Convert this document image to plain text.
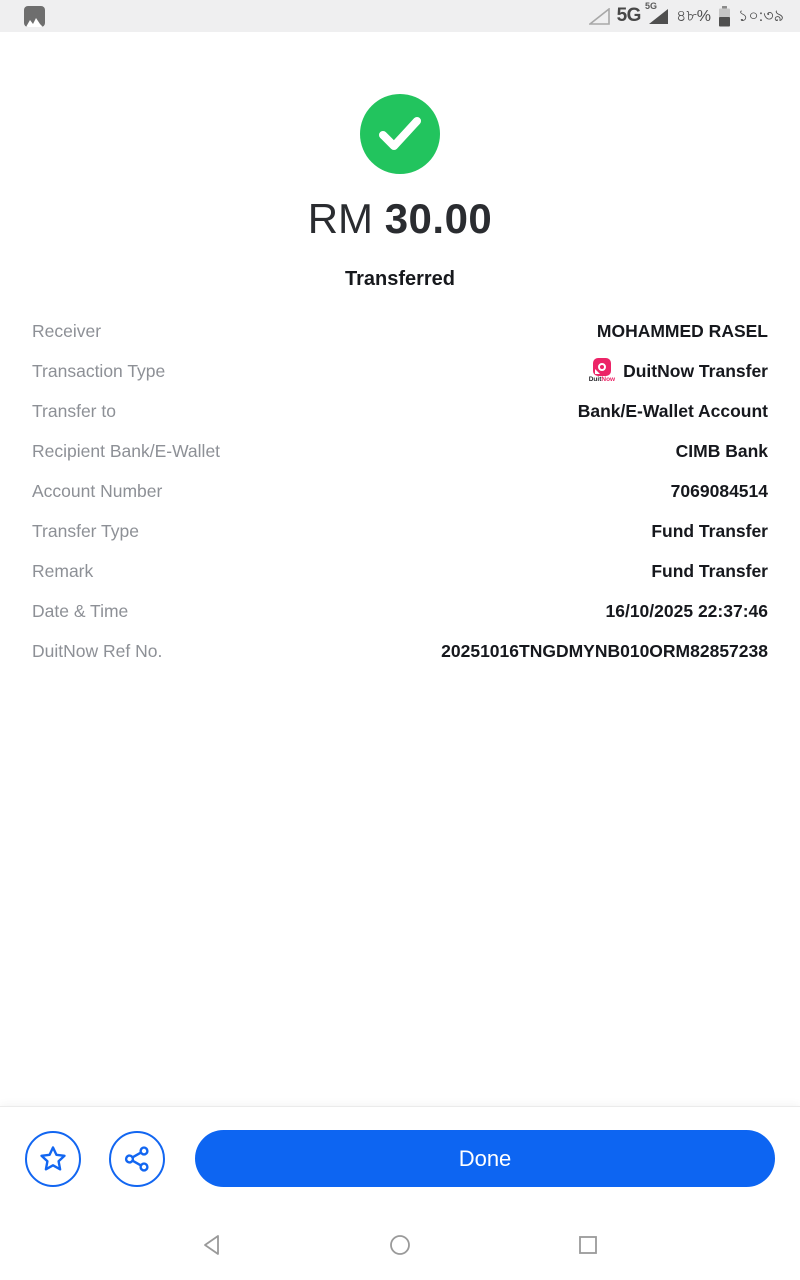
5G 5G
৪৮% ১০:৩৯
RM 30.00
Transferred
Receiver	MOHAMMED RASEL
Transaction Type	DuitNow DuitNow Transfer
Transfer to	Bank/E-Wallet Account
Recipient Bank/E-Wallet	CIMB Bank
Account Number	7069084514
Transfer Type	Fund Transfer
Remark	Fund Transfer
Date & Time	16/10/2025 22:37:46
DuitNow Ref No.	20251016TNGDMYNB010ORM82857238
Done
